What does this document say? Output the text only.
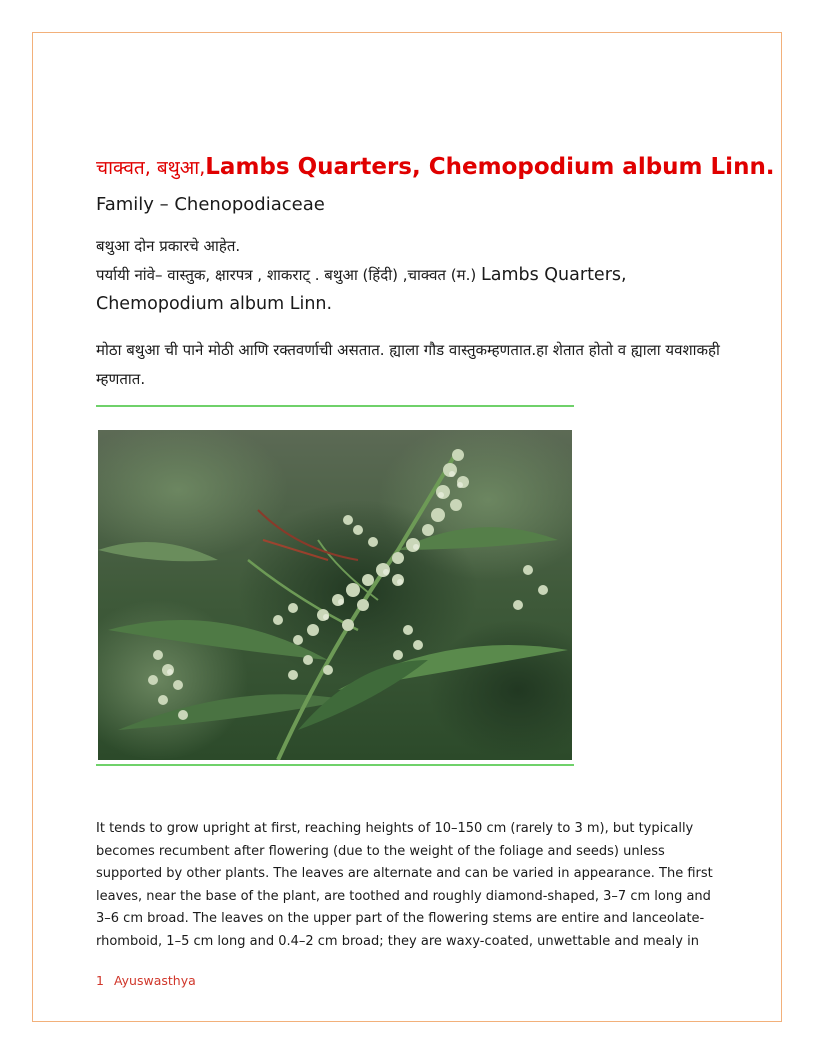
चाक्वत, बथुआ,Lambs Quarters, Chemopodium album Linn.
Family – Chenopodiaceae
बथुआ दोन प्रकारचे आहेत.
पर्यायी नांवे– वास्तुक, क्षारपत्र , शाकराट् . बथुआ (हिंदी) ,चाक्वत (म.) Lambs Quarters, Chemopodium album Linn.
मोठा बथुआ ची पाने मोठी आणि रक्तवर्णाची असतात. ह्याला गौड वास्तुकम्हणतात.हा शेतात होतो व ह्याला यवशाकही म्हणतात.
It tends to grow upright at first, reaching heights of 10–150 cm (rarely to 3 m), but typically becomes recumbent after flowering (due to the weight of the foliage and seeds) unless supported by other plants. The leaves are alternate and can be varied in appearance. The first leaves, near the base of the plant, are toothed and roughly diamond-shaped, 3–7 cm long and 3–6 cm broad. The leaves on the upper part of the flowering stems are entire and lanceolate-rhomboid, 1–5 cm long and 0.4–2 cm broad; they are waxy-coated, unwettable and mealy in
1 Ayuswasthya
